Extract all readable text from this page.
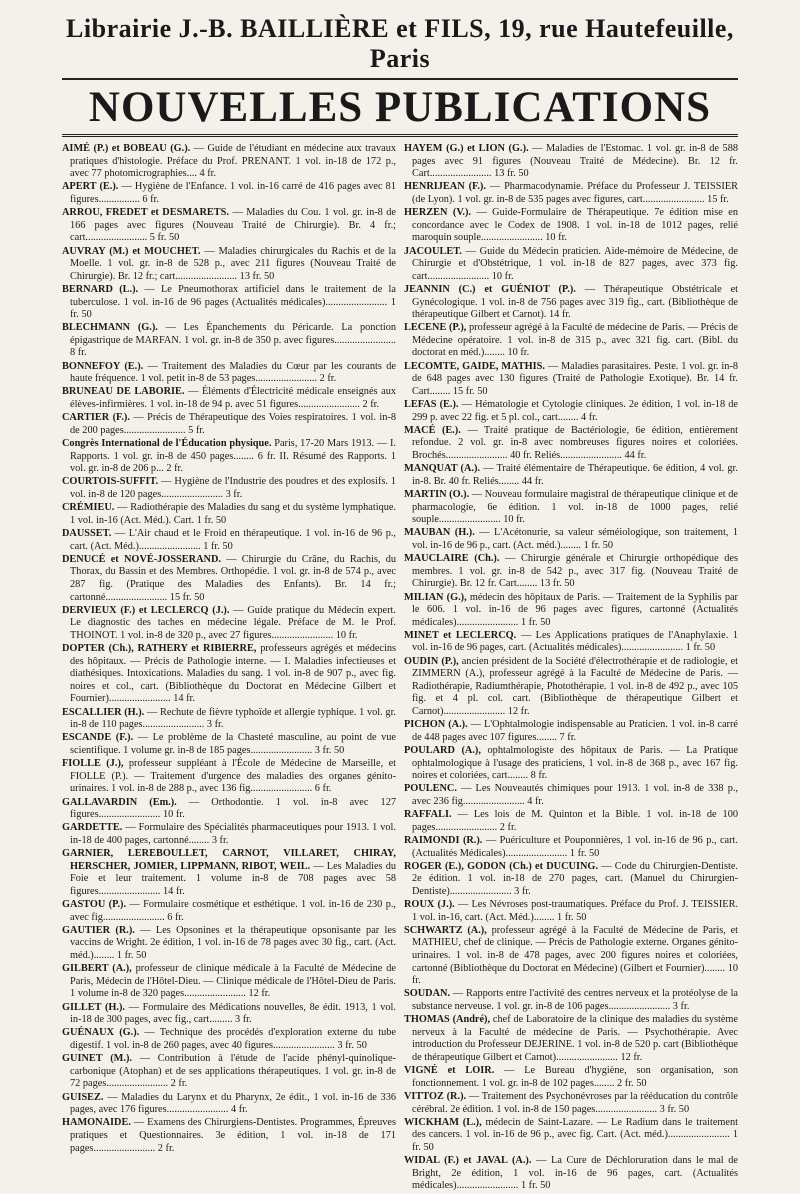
Librairie J.-B. BAILLIÈRE et FILS, 19, rue Hautefeuille, Paris
NOUVELLES PUBLICATIONS

AIMÉ (P.) et BOBEAU (G.). — Guide de l'étudiant en médecine aux travaux pratiques d'histologie. Préface du Prof. PRENANT. 1 vol. in-18 de 172 p., avec 77 photomicrographies.... 4 fr.

APERT (E.). — Hygiène de l'Enfance. 1 vol. in-16 carré de 416 pages avec 81 figures................ 6 fr.

ARROU, FREDET et DESMARETS. — Maladies du Cou. 1 vol. gr. in-8 de 166 pages avec figures (Nouveau Traité de Chirurgie). Br. 4 fr.; cart........................ 5 fr. 50

AUVRAY (M.) et MOUCHET. — Maladies chirurgicales du Rachis et de la Moelle. 1 vol. gr. in-8 de 528 p., avec 211 figures (Nouveau Traité de Chirurgie). Br. 12 fr.; cart........................ 13 fr. 50

BERNARD (L.). — Le Pneumothorax artificiel dans le traitement de la tuberculose. 1 vol. in-16 de 96 pages (Actualités médicales)........................ 1 fr. 50

BLECHMANN (G.). — Les Épanchements du Péricarde. La ponction épigastrique de MARFAN. 1 vol. gr. in-8 de 350 p. avec figures........................ 8 fr.

BONNEFOY (E.). — Traitement des Maladies du Cœur par les courants de haute fréquence. 1 vol. petit in-8 de 53 pages........................ 2 fr.

BRUNEAU DE LABORIE. — Éléments d'Électricité médicale enseignés aux élèves-infirmières. 1 vol. in-18 de 94 p. avec 51 figures........................ 2 fr.

CARTIER (F.). — Précis de Thérapeutique des Voies respiratoires. 1 vol. in-8 de 200 pages........................ 5 fr.

Congrès International de l'Éducation physique. Paris, 17-20 Mars 1913. — I. Rapports. 1 vol. gr. in-8 de 450 pages........ 6 fr. II. Résumé des Rapports. 1 vol. gr. in-8 de 206 p... 2 fr.

COURTOIS-SUFFIT. — Hygiène de l'Industrie des poudres et des explosifs. 1 vol. in-8 de 120 pages........................ 3 fr.

CRÉMIEU. — Radiothérapie des Maladies du sang et du système lymphatique. 1 vol. in-16 (Act. Méd.). Cart. 1 fr. 50

DAUSSET. — L'Air chaud et le Froid en thérapeutique. 1 vol. in-16 de 96 p., cart. (Act. Méd.)........................ 1 fr. 50

DENUCÉ et NOVÉ-JOSSERAND. — Chirurgie du Crâne, du Rachis, du Thorax, du Bassin et des Membres. Orthopédie. 1 vol. gr. in-8 de 574 p., avec 287 fig. (Pratique des Maladies des Enfants). Br. 14 fr.; cartonné........................ 15 fr. 50

DERVIEUX (F.) et LECLERCQ (J.). — Guide pratique du Médecin expert. Le diagnostic des taches en médecine légale. Préface de M. le Prof. THOINOT. 1 vol. in-8 de 320 p., avec 27 figures........................ 10 fr.

DOPTER (Ch.), RATHERY et RIBIERRE, professeurs agrégés et médecins des hôpitaux. — Précis de Pathologie interne. — I. Maladies infectieuses et diathésiques. Intoxications. Maladies du sang. 1 vol. in-8 de 907 p., avec fig. noires et col., cart. (Bibliothèque du Doctorat en Médecine Gilbert et Fournier)........................ 14 fr.

ESCALLIER (H.). — Rechute de fièvre typhoïde et allergie typhique. 1 vol. gr. in-8 de 110 pages........................ 3 fr.

ESCANDE (F.). — Le problème de la Chasteté masculine, au point de vue scientifique. 1 volume gr. in-8 de 185 pages........................ 3 fr. 50

FIOLLE (J.), professeur suppléant à l'École de Médecine de Marseille, et FIOLLE (P.). — Traitement d'urgence des maladies des organes génito-urinaires. 1 vol. in-8 de 288 p., avec 136 fig........................ 6 fr.

GALLAVARDIN (Em.). — Orthodontie. 1 vol. in-8 avec 127 figures........................ 10 fr.

GARDETTE. — Formulaire des Spécialités pharmaceutiques pour 1913. 1 vol. in-18 de 400 pages, cartonné........ 3 fr.

GARNIER, LEREBOULLET, CARNOT, VILLARET, CHIRAY, HERSCHER, JOMIER, LIPPMANN, RIBOT, WEIL. — Les Maladies du Foie et leur traitement. 1 volume in-8 de 708 pages avec 58 figures........................ 14 fr.

GASTOU (P.). — Formulaire cosmétique et esthétique. 1 vol. in-16 de 230 p., avec fig........................ 6 fr.

GAUTIER (R.). — Les Opsonines et la thérapeutique opsonisante par les vaccins de Wright. 2e édition, 1 vol. in-16 de 78 pages avec 30 fig., cart. (Act. méd.)........ 1 fr. 50

GILBERT (A.), professeur de clinique médicale à la Faculté de Médecine de Paris, Médecin de l'Hôtel-Dieu. — Clinique médicale de l'Hôtel-Dieu de Paris. 1 volume in-8 de 320 pages........................ 12 fr.

GILLET (H.). — Formulaire des Médications nouvelles, 8e édit. 1913, 1 vol. in-18 de 300 pages, avec fig., cart......... 3 fr.

GUÉNAUX (G.). — Technique des procédés d'exploration externe du tube digestif. 1 vol. in-8 de 260 pages, avec 40 figures........................ 3 fr. 50

GUINET (M.). — Contribution à l'étude de l'acide phényl-quinolique-carbonique (Atophan) et de ses applications thérapeutiques. 1 vol. gr. in-8 de 72 pages........................ 2 fr.

GUISEZ. — Maladies du Larynx et du Pharynx, 2e édit., 1 vol. in-16 de 336 pages, avec 176 figures........................ 4 fr.

HAMONAIDE. — Examens des Chirurgiens-Dentistes. Programmes, Épreuves pratiques et Questionnaires. 3e édition, 1 vol. in-18 de 171 pages........................ 2 fr.

HAYEM (G.) et LION (G.). — Maladies de l'Estomac. 1 vol. gr. in-8 de 588 pages avec 91 figures (Nouveau Traité de Médecine). Br. 12 fr. Cart........................ 13 fr. 50

HENRIJEAN (F.). — Pharmacodynamie. Préface du Professeur J. TEISSIER (de Lyon). 1 vol. gr. in-8 de 535 pages avec figures, cart........................ 15 fr.

HERZEN (V.). — Guide-Formulaire de Thérapeutique. 7e édition mise en concordance avec le Codex de 1908. 1 vol. in-18 de 1012 pages, relié maroquin souple........................ 10 fr.

JACOULET. — Guide du Médecin praticien. Aide-mémoire de Médecine, de Chirurgie et d'Obstétrique, 1 vol. in-18 de 827 pages, avec 373 fig. cart........................ 10 fr.

JEANNIN (C.) et GUÉNIOT (P.). — Thérapeutique Obstétricale et Gynécologique. 1 vol. in-8 de 756 pages avec 319 fig., cart. (Bibliothèque de thérapeutique Gilbert et Carnot). 14 fr.

LECENE (P.), professeur agrégé à la Faculté de médecine de Paris. — Précis de Médecine opératoire. 1 vol. in-8 de 315 p., avec 321 fig. cart. (Bibl. du doctorat en méd.)........ 10 fr.

LECOMTE, GAIDE, MATHIS. — Maladies parasitaires. Peste. 1 vol. gr. in-8 de 648 pages avec 130 figures (Traité de Pathologie Exotique). Br. 14 fr. Cart........ 15 fr. 50

LEFAS (E.). — Hématologie et Cytologie cliniques. 2e édition, 1 vol. in-18 de 299 p. avec 22 fig. et 5 pl. col., cart........ 4 fr.

MACÉ (E.). — Traité pratique de Bactériologie, 6e édition, entièrement refondue. 2 vol. gr. in-8 avec nombreuses figures noires et coloriées. Brochés........................ 40 fr. Reliés........................ 44 fr.

MANQUAT (A.). — Traité élémentaire de Thérapeutique. 6e édition, 4 vol. gr. in-8. Br. 40 fr. Reliés........ 44 fr.

MARTIN (O.). — Nouveau formulaire magistral de thérapeutique clinique et de pharmacologie, 6e édition. 1 vol. in-18 de 1000 pages, relié souple........................ 10 fr.

MAUBAN (H.). — L'Acétonurie, sa valeur séméiologique, son traitement, 1 vol. in-16 de 96 p., cart. (Act. méd.)........ 1 fr. 50

MAUCLAIRE (Ch.). — Chirurgie générale et Chirurgie orthopédique des membres. 1 vol. gr. in-8 de 542 p., avec 317 fig. (Nouveau Traité de Chirurgie). Br. 12 fr. Cart........ 13 fr. 50

MILIAN (G.), médecin des hôpitaux de Paris. — Traitement de la Syphilis par le 606. 1 vol. in-16 de 96 pages avec figures, cartonné (Actualités médicales)........................ 1 fr. 50

MINET et LECLERCQ. — Les Applications pratiques de l'Anaphylaxie. 1 vol. in-16 de 96 pages, cart. (Actualités médicales)........................ 1 fr. 50

OUDIN (P.), ancien président de la Société d'électrothérapie et de radiologie, et ZIMMERN (A.), professeur agrégé à la Faculté de Médecine de Paris. — Radiothérapie, Radiumthérapie, Photothérapie. 1 vol. in-8 de 492 p., avec 105 fig. et 4 pl. col. cart. (Bibliothèque de thérapeutique Gilbert et Carnot)........................ 12 fr.

PICHON (A.). — L'Ophtalmologie indispensable au Praticien. 1 vol. in-8 carré de 448 pages avec 107 figures........ 7 fr.

POULARD (A.), ophtalmologiste des hôpitaux de Paris. — La Pratique ophtalmologique à l'usage des praticiens, 1 vol. in-8 de 368 p., avec 167 fig. noires et coloriées, cart........ 8 fr.

POULENC. — Les Nouveautés chimiques pour 1913. 1 vol. in-8 de 338 p., avec 236 fig........................ 4 fr.

RAFFALI. — Les lois de M. Quinton et la Bible. 1 vol. in-18 de 100 pages........................ 2 fr.

RAIMONDI (R.). — Puériculture et Pouponnières, 1 vol. in-16 de 96 p., cart. (Actualités Médicales)........................ 1 fr. 50

ROGER (E.), GODON (Ch.) et DUCUING. — Code du Chirurgien-Dentiste. 2e édition. 1 vol. in-18 de 270 pages, cart. (Manuel du Chirurgien-Dentiste)........................ 3 fr.

ROUX (J.). — Les Névroses post-traumatiques. Préface du Prof. J. TEISSIER. 1 vol. in-16, cart. (Act. Méd.)........ 1 fr. 50

SCHWARTZ (A.), professeur agrégé à la Faculté de Médecine de Paris, et MATHIEU, chef de clinique. — Précis de Pathologie externe. Organes génito-urinaires. 1 vol. in-8 de 478 pages, avec 200 figures noires et coloriées, cartonné (Bibliothèque du Doctorat en Médecine) (Gilbert et Fournier)........ 10 fr.

SOUDAN. — Rapports entre l'activité des centres nerveux et la protéolyse de la substance nerveuse. 1 vol. gr. in-8 de 106 pages........................ 3 fr.

THOMAS (André), chef de Laboratoire de la clinique des maladies du système nerveux à la Faculté de médecine de Paris. — Psychothérapie. Avec introduction du Professeur DEJERINE. 1 vol. in-8 de 520 p. cart (Bibliothèque de thérapeutique Gilbert et Carnot)........................ 12 fr.

VIGNÉ et LOIR. — Le Bureau d'hygiène, son organisation, son fonctionnement. 1 vol. gr. in-8 de 102 pages........ 2 fr. 50

VITTOZ (R.). — Traitement des Psychonévroses par la rééducation du contrôle cérébral. 2e édition. 1 vol. in-8 de 150 pages........................ 3 fr. 50

WICKHAM (L.), médecin de Saint-Lazare. — Le Radium dans le traitement des cancers. 1 vol. in-16 de 96 p., avec fig. Cart. (Act. méd.)........................ 1 fr. 50

WIDAL (F.) et JAVAL (A.). — La Cure de Déchloruration dans le mal de Bright, 2e édition, 1 vol. in-16 de 96 pages, cart. (Actualités médicales)........................ 1 fr. 50
